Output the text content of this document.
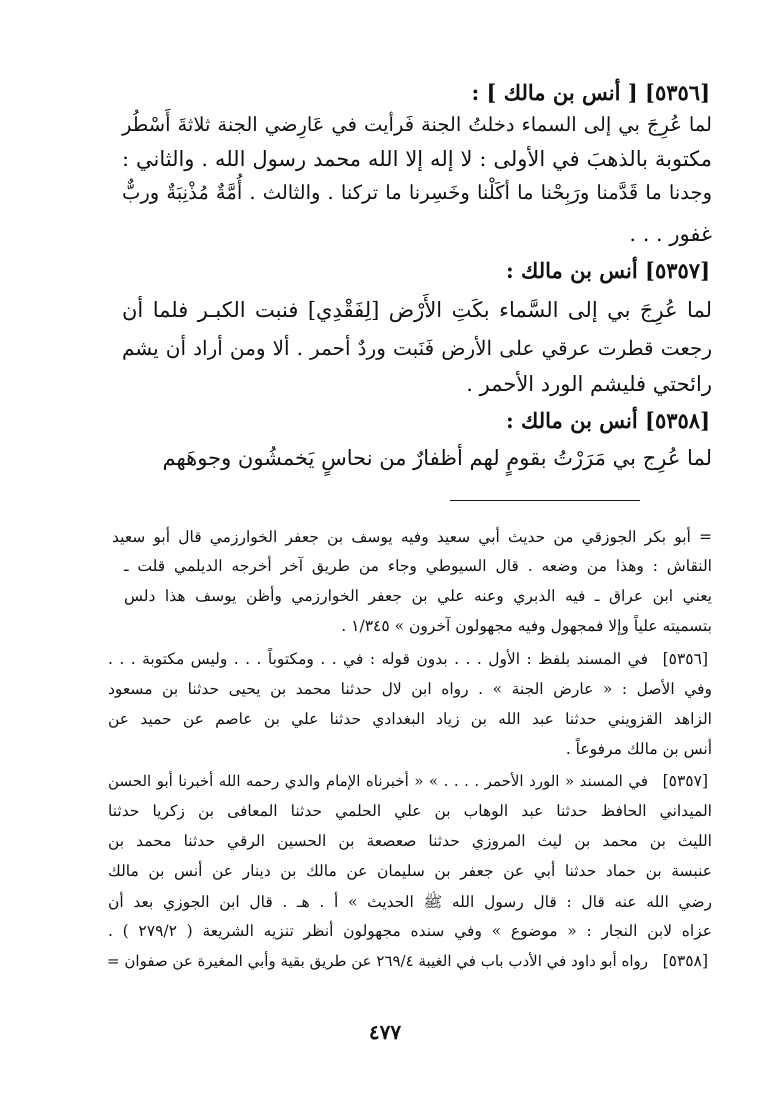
[٥٣٥٦] [ أنس بن مالك ] :
لما عُرِجَ بي إلى السماء دخلتُ الجنة فَرأيت في عَارِضي الجنة ثلاثةَ أَسْطُر
مكتوبة بالذهبَ في الأولى : لا إله إلا الله محمد رسول الله . والثاني :
وجدنا ما قَدَّمنا ورَبِحْنا ما أكَلْنا وخَسِرنا ما تركنا . والثالث . أُمَّةٌ مُذْنِبَةٌ وربٌّ
غفور . . .
[٥٣٥٧] أنس بن مالك :
لما عُرِجَ بي إلى السَّماء بكَتِ الأَرْض [لِفَقْدِي] فنبت الكبـر فلما أن
رجعت قطرت عرقي على الأرض فَنَبت وردٌ أحمر . ألا ومن أراد أن يشم
رائحتي فليشم الورد الأحمر .
[٥٣٥٨] أنس بن مالك :
لما عُرِج بي مَرَرْتُ بقومٍ لهم أظفارٌ من نحاسٍ يَخمشُون وجوهَهم
= أبو بكر الجوزقي من حديث أبي سعيد وفيه يوسف بن جعفر الخوارزمي قال أبو سعيد
النقاش : وهذا من وضعه . قال السيوطي وجاء من طريق آخر أخرجه الديلمي قلت ـ
يعني ابن عراق ـ فيه الدبري وعنه علي بن جعفر الخوارزمي وأظن يوسف هذا دلس
بتسميته علياً وإلا فمجهول وفيه مجهولون آخرون » ١/٣٤٥ .
[٥٣٥٦]
في المسند بلفظ : الأول . . . بدون قوله : في . . ومكتوباً . . . وليس مكتوبة . . .
وفي الأصل : « عارض الجنة » . رواه ابن لال حدثنا محمد بن يحيى حدثنا بن مسعود
الزاهد القزويني حدثنا عبد الله بن زياد البغدادي حدثنا علي بن عاصم عن حميد عن
أنس بن مالك مرفوعاً .
[٥٣٥٧]
في المسند « الورد الأحمر . . . . » « أخبرناه الإمام والدي رحمه الله أخبرنا أبو الحسن
الميداني الحافظ حدثنا عبد الوهاب بن علي الحلمي حدثنا المعافى بن زكريا حدثنا
الليث بن محمد بن ليث المروزي حدثنا صعصعة بن الحسين الرقي حدثنا محمد بن
عنبسة بن حماد حدثنا أبي عن جعفر بن سليمان عن مالك بن دينار عن أنس بن مالك
رضي الله عنه قال : قال رسول الله ﷺ الحديث » أ . هـ . قال ابن الجوزي بعد أن
عزاه لابن النجار : « موضوع » وفي سنده مجهولون أنظر تنزيه الشريعة ( ٢٧٩/٢ ) .
[٥٣٥٨]
رواه أبو داود في الأدب باب في الغيبة ٢٦٩/٤ عن طريق بقية وأبي المغيرة عن صفوان =
٤٧٧
